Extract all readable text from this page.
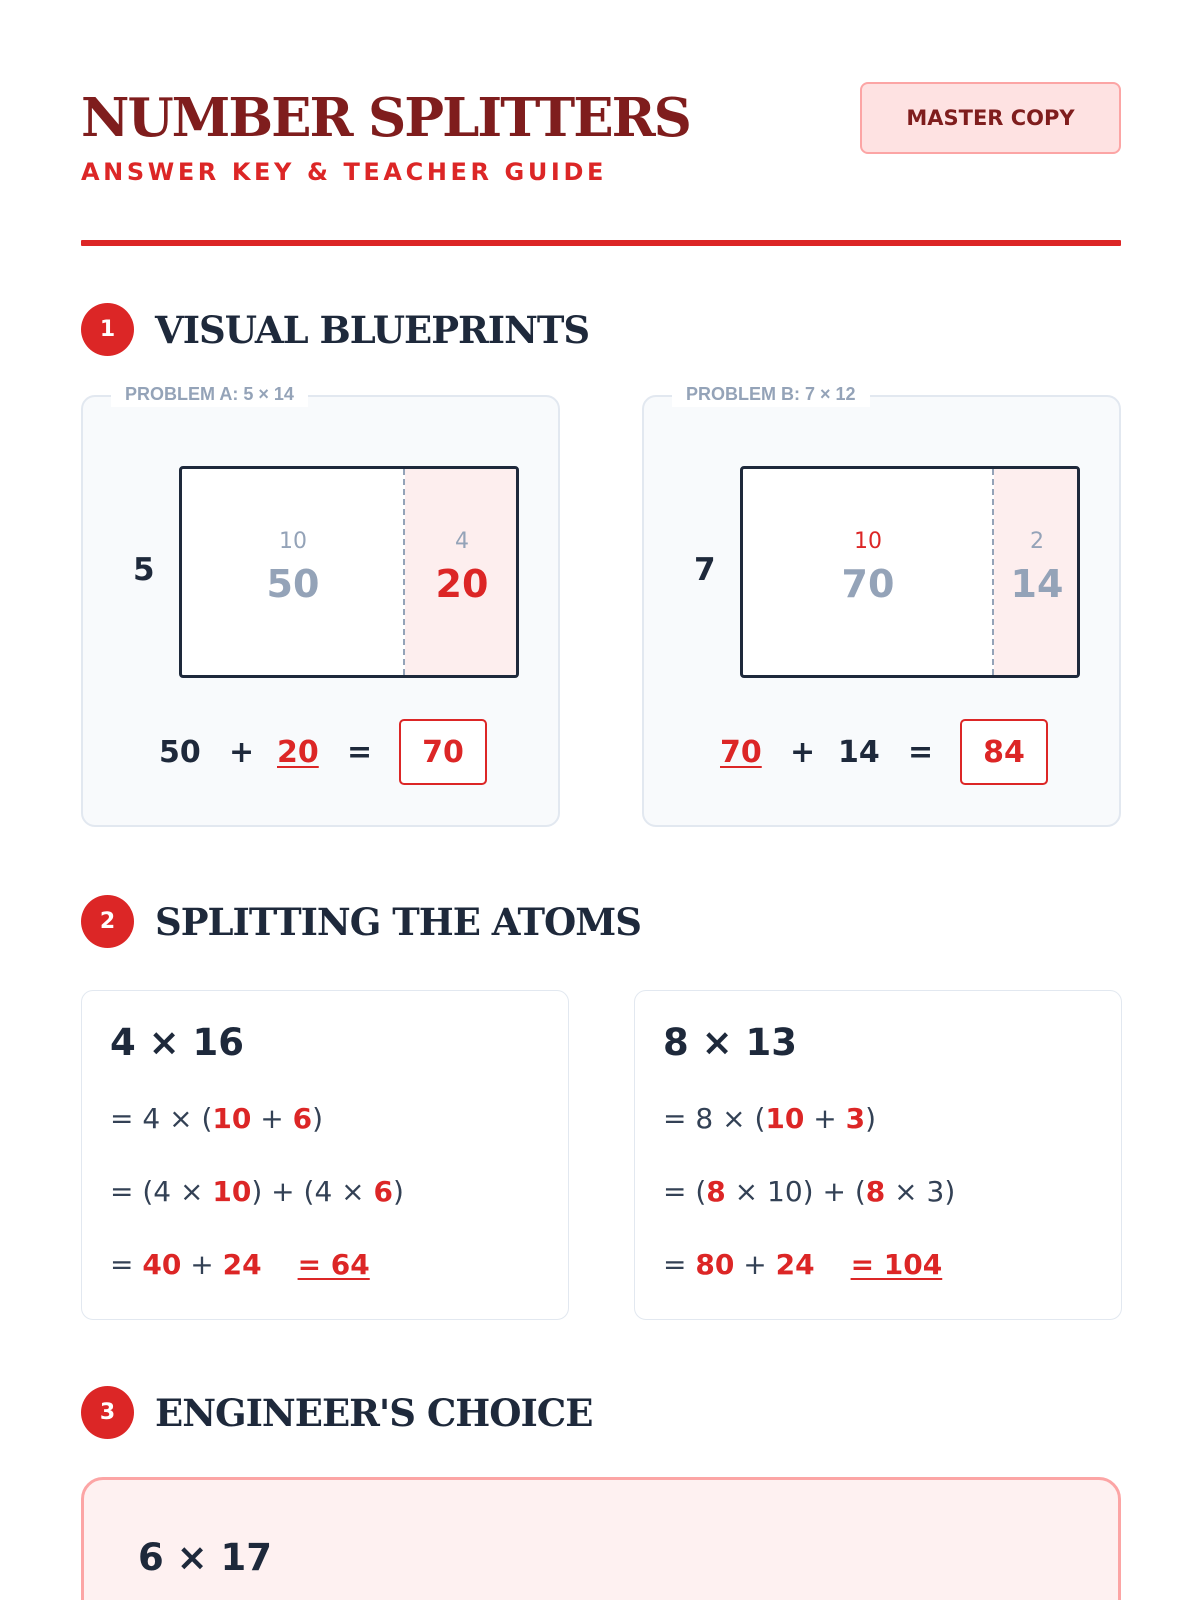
NUMBER SPLITTERS
ANSWER KEY & TEACHER GUIDE
MASTER COPY
1	VISUAL BLUEPRINTS
PROBLEM A: 5 × 14
5
10
50
4
20
50 + 20 =	70
PROBLEM B: 7 × 12
7
10
70
2
14
70 + 14 =	84
2	SPLITTING THE ATOMS
4 × 16
= 4 × (10 + 6)
= (4 × 10) + (4 × 6)
= 40 + 24 = 64
8 × 13
= 8 × (10 + 3)
= (8 × 10) + (8 × 3)
= 80 + 24 = 104
3	ENGINEER'S CHOICE
6 × 17
